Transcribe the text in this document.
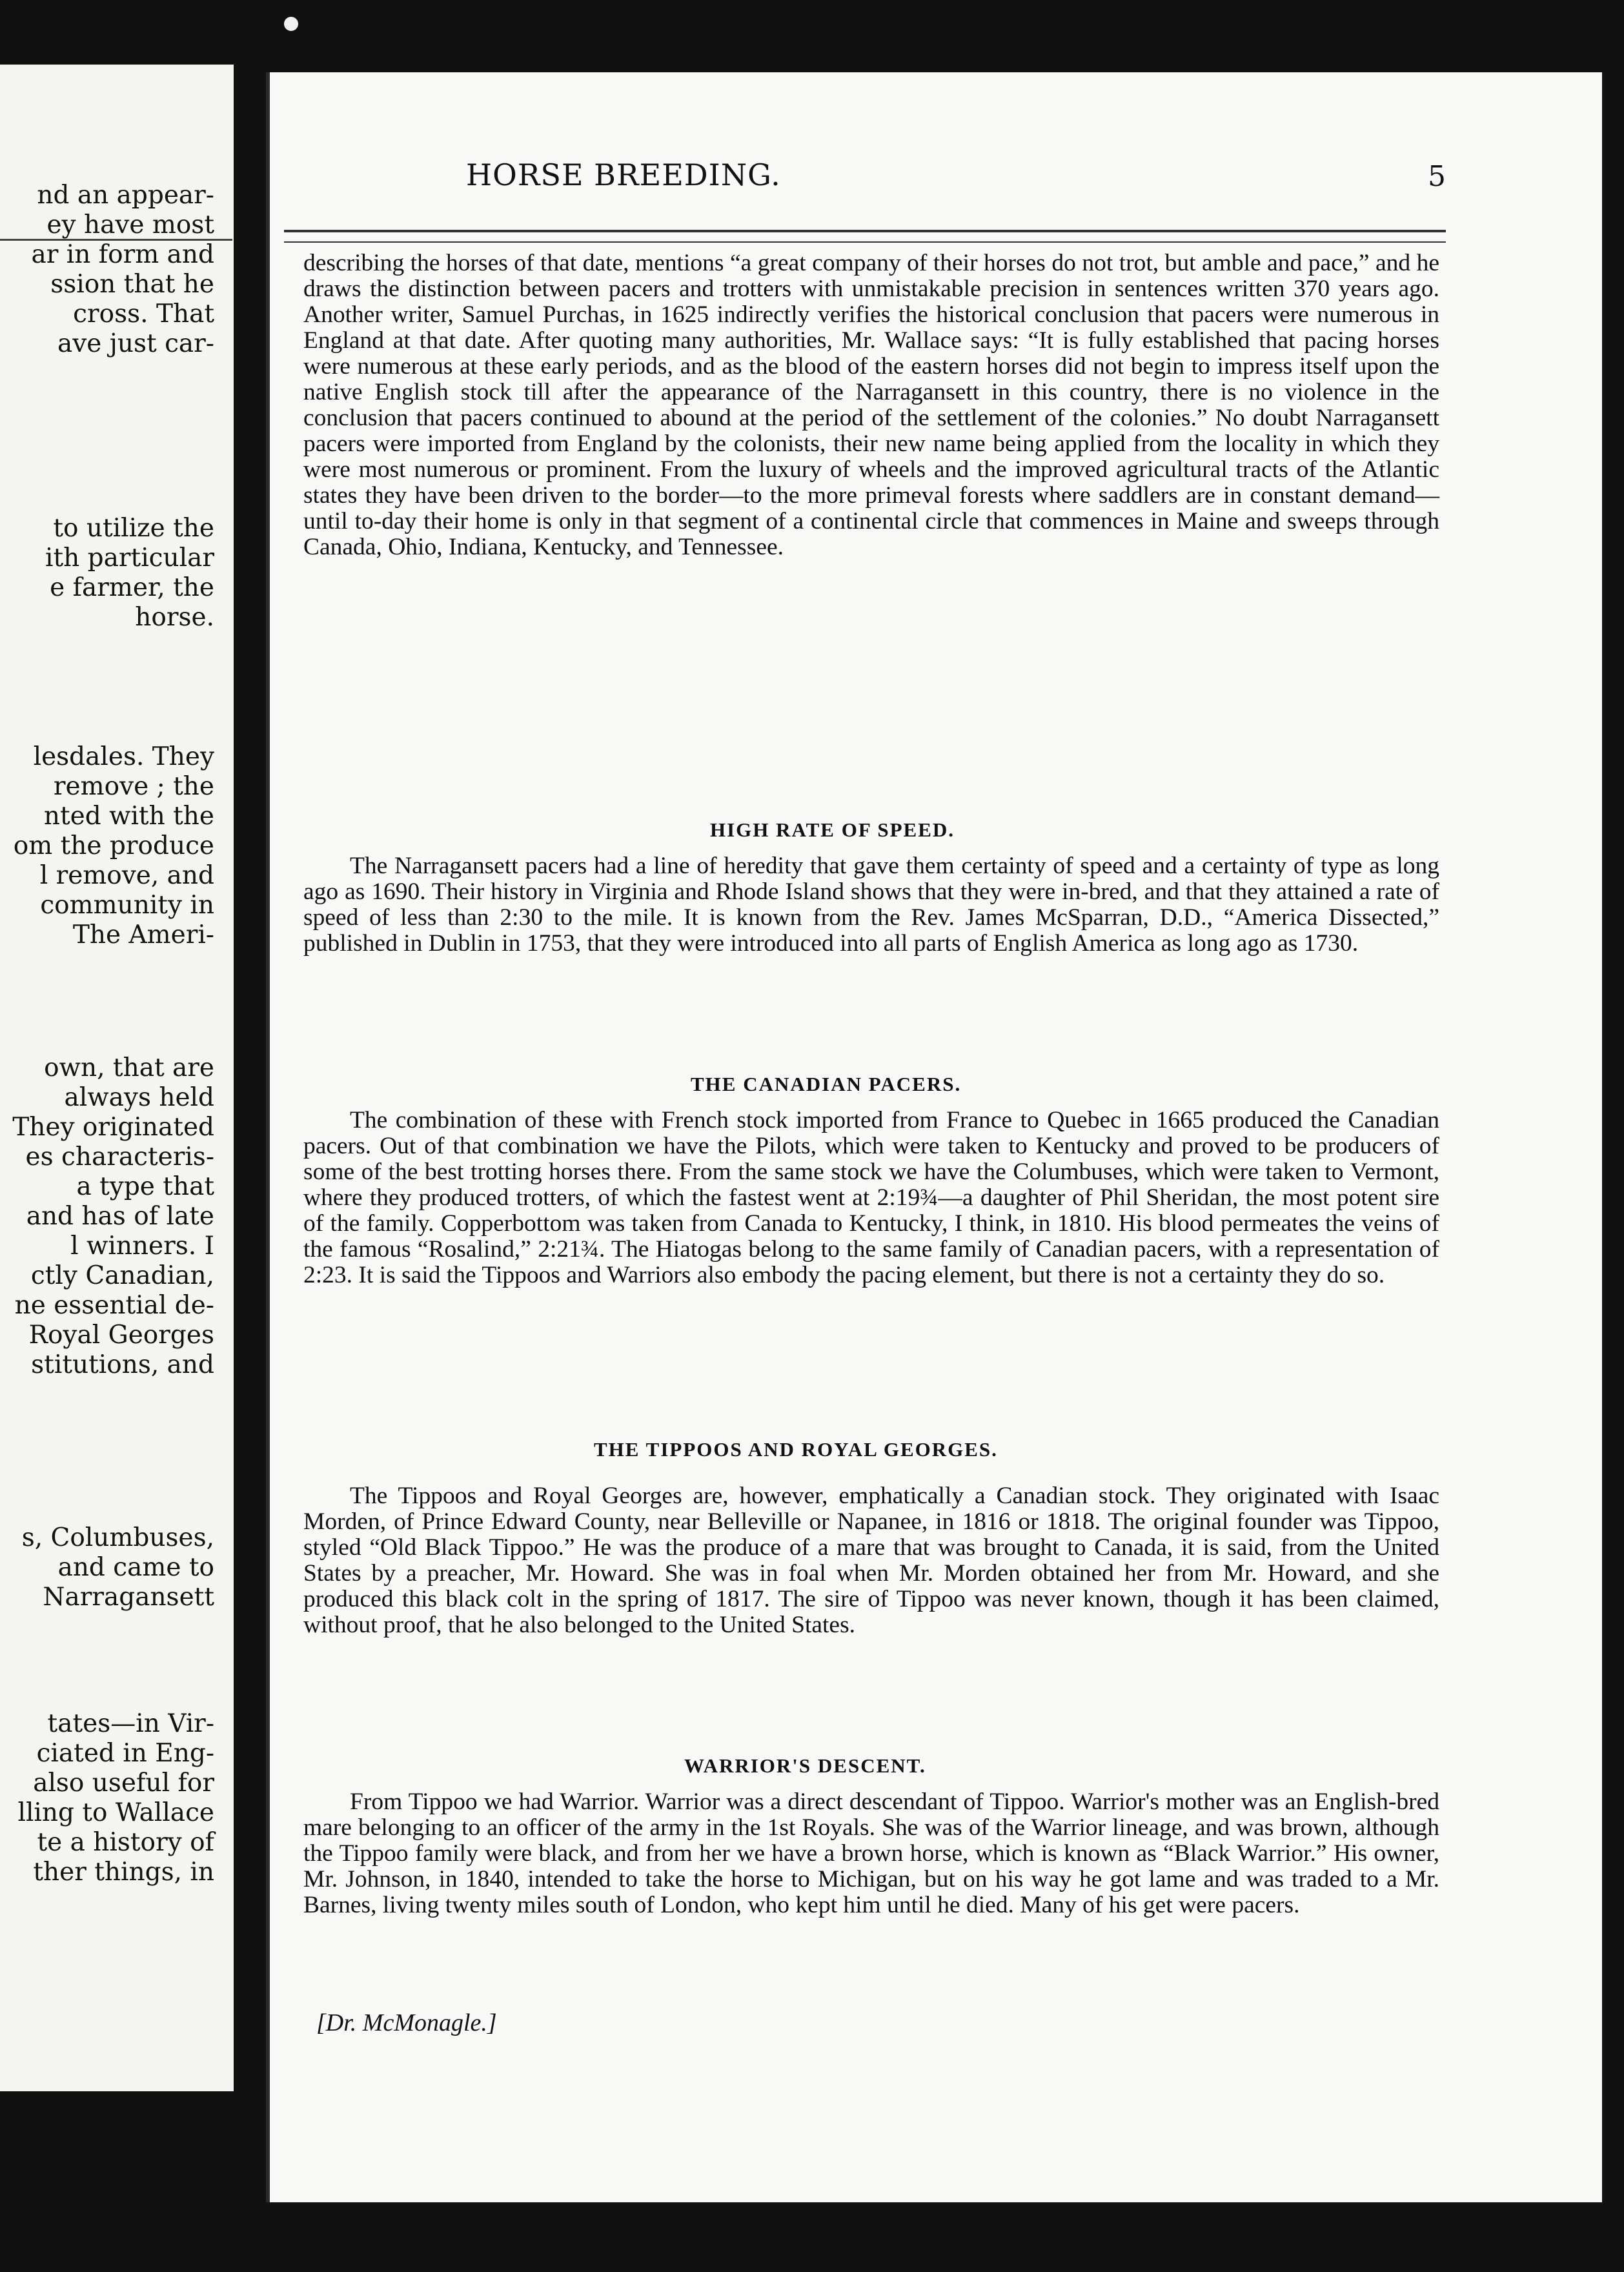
nd an appear-
ey have most
ar in form and
ssion that he
cross. That
ave just car-
to utilize the
ith particular
e farmer, the
horse.
lesdales. They
remove ; the
nted with the
om the produce
l remove, and
community in
The Ameri-
own, that are
always held
They originated
es characteris-
a type that
and has of late
l winners. I
ctly Canadian,
ne essential de-
Royal Georges
stitutions, and
s, Columbuses,
and came to
Narragansett
tates—in Vir-
ciated in Eng-
also useful for
lling to Wallace
te a history of
ther things, in
HORSE BREEDING.	5

describing the horses of that date, mentions “a great company of their horses do not trot, but amble and pace,” and he draws the distinction between pacers and trotters with unmistakable precision in sentences written 370 years ago. Another writer, Samuel Purchas, in 1625 indirectly verifies the historical conclusion that pacers were numerous in England at that date. After quoting many authorities, Mr. Wallace says: “It is fully established that pacing horses were numerous at these early periods, and as the blood of the eastern horses did not begin to impress itself upon the native English stock till after the appearance of the Narragansett in this country, there is no violence in the conclusion that pacers continued to abound at the period of the settlement of the colonies.” No doubt Narragansett pacers were imported from England by the colonists, their new name being applied from the locality in which they were most numerous or prominent. From the luxury of wheels and the improved agricultural tracts of the Atlantic states they have been driven to the border—to the more primeval forests where saddlers are in constant demand—until to-day their home is only in that segment of a continental circle that commences in Maine and sweeps through Canada, Ohio, Indiana, Kentucky, and Tennessee.

HIGH RATE OF SPEED.

The Narragansett pacers had a line of heredity that gave them certainty of speed and a certainty of type as long ago as 1690. Their history in Virginia and Rhode Island shows that they were in-bred, and that they attained a rate of speed of less than 2:30 to the mile. It is known from the Rev. James McSparran, D.D., “America Dissected,” published in Dublin in 1753, that they were introduced into all parts of English America as long ago as 1730.

THE CANADIAN PACERS.

The combination of these with French stock imported from France to Quebec in 1665 produced the Canadian pacers. Out of that combination we have the Pilots, which were taken to Kentucky and proved to be producers of some of the best trotting horses there. From the same stock we have the Columbuses, which were taken to Vermont, where they produced trotters, of which the fastest went at 2:19¾—a daughter of Phil Sheridan, the most potent sire of the family. Copperbottom was taken from Canada to Kentucky, I think, in 1810. His blood permeates the veins of the famous “Rosalind,” 2:21¾. The Hiatogas belong to the same family of Canadian pacers, with a representation of 2:23. It is said the Tippoos and Warriors also embody the pacing element, but there is not a certainty they do so.

THE TIPPOOS AND ROYAL GEORGES.

The Tippoos and Royal Georges are, however, emphatically a Canadian stock. They originated with Isaac Morden, of Prince Edward County, near Belleville or Napanee, in 1816 or 1818. The original founder was Tippoo, styled “Old Black Tippoo.” He was the produce of a mare that was brought to Canada, it is said, from the United States by a preacher, Mr. Howard. She was in foal when Mr. Morden obtained her from Mr. Howard, and she produced this black colt in the spring of 1817. The sire of Tippoo was never known, though it has been claimed, without proof, that he also belonged to the United States.

WARRIOR'S DESCENT.

From Tippoo we had Warrior. Warrior was a direct descendant of Tippoo. Warrior's mother was an English-bred mare belonging to an officer of the army in the 1st Royals. She was of the Warrior lineage, and was brown, although the Tippoo family were black, and from her we have a brown horse, which is known as “Black Warrior.” His owner, Mr. Johnson, in 1840, intended to take the horse to Michigan, but on his way he got lame and was traded to a Mr. Barnes, living twenty miles south of London, who kept him until he died. Many of his get were pacers.

[Dr. McMonagle.]
